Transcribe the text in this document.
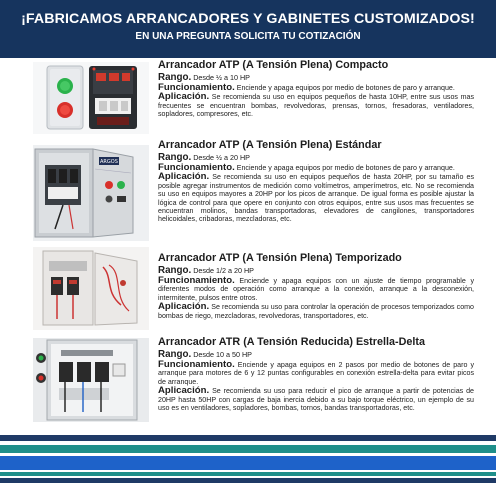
¡FABRICAMOS ARRANCADORES Y GABINETES CUSTOMIZADOS!
EN UNA PREGUNTA SOLICITA TU COTIZACIÓN
Arrancador ATP (A Tensión Plena) Compacto
Rango. Desde ½ a 10 HP
Funcionamiento. Enciende y apaga equipos por medio de botones de paro y arranque.
Aplicación. Se recomienda su uso en equipos pequeños de hasta 10HP, entre sus usos mas frecuentes se encuentran bombas, revolvedoras, prensas, tornos, fresadoras, ventiladores, sopladores, compresores, etc.
ARGOS
Arrancador ATP (A Tensión Plena) Estándar
Rango. Desde ½ a 20 HP
Funcionamiento. Enciende y apaga equipos por medio de botones de paro y arranque.
Aplicación. Se recomienda su uso en equipos pequeños de hasta 20HP, por su tamaño es posible agregar instrumentos de medición como voltímetros, amperímetros, etc. No se recomienda su uso en equipos mayores a 20HP por los picos de arranque. De igual forma es posible ajustar la lógica de control para que opere en conjunto con otros equipos, entre sus usos mas frecuentes se encuentran molinos, bandas transportadoras, elevadores de cangilones, transportadores helicoidales, cribadoras, mezcladoras, etc.
Arrancador ATP (A Tensión Plena) Temporizado
Rango. Desde 1/2 a 20 HP
Funcionamiento. Enciende y apaga equipos con un ajuste de tiempo programable y diferentes modos de operación como arranque a la conexión, arranque a la desconexión, intermitente, pulsos entre otros.
Aplicación. Se recomienda su uso para controlar la operación de procesos temporizados como bombas de riego, mezcladoras, revolvedoras, transportadores, etc.
Arrancador ATR (A Tensión Reducida) Estrella-Delta
Rango. Desde 10 a 50 HP
Funcionamiento. Enciende y apaga equipos en 2 pasos por medio de botones de paro y arranque para motores de 6 y 12 puntas configurables en conexión estrella-delta para evitar picos de arranque.
Aplicación. Se recomienda su uso para reducir el pico de arranque a partir de potencias de 20HP hasta 50HP con cargas de baja inercia debido a su bajo torque eléctrico, un ejemplo de su uso es en ventiladores, sopladores, bombas, tornos, bandas transportadoras, etc.
